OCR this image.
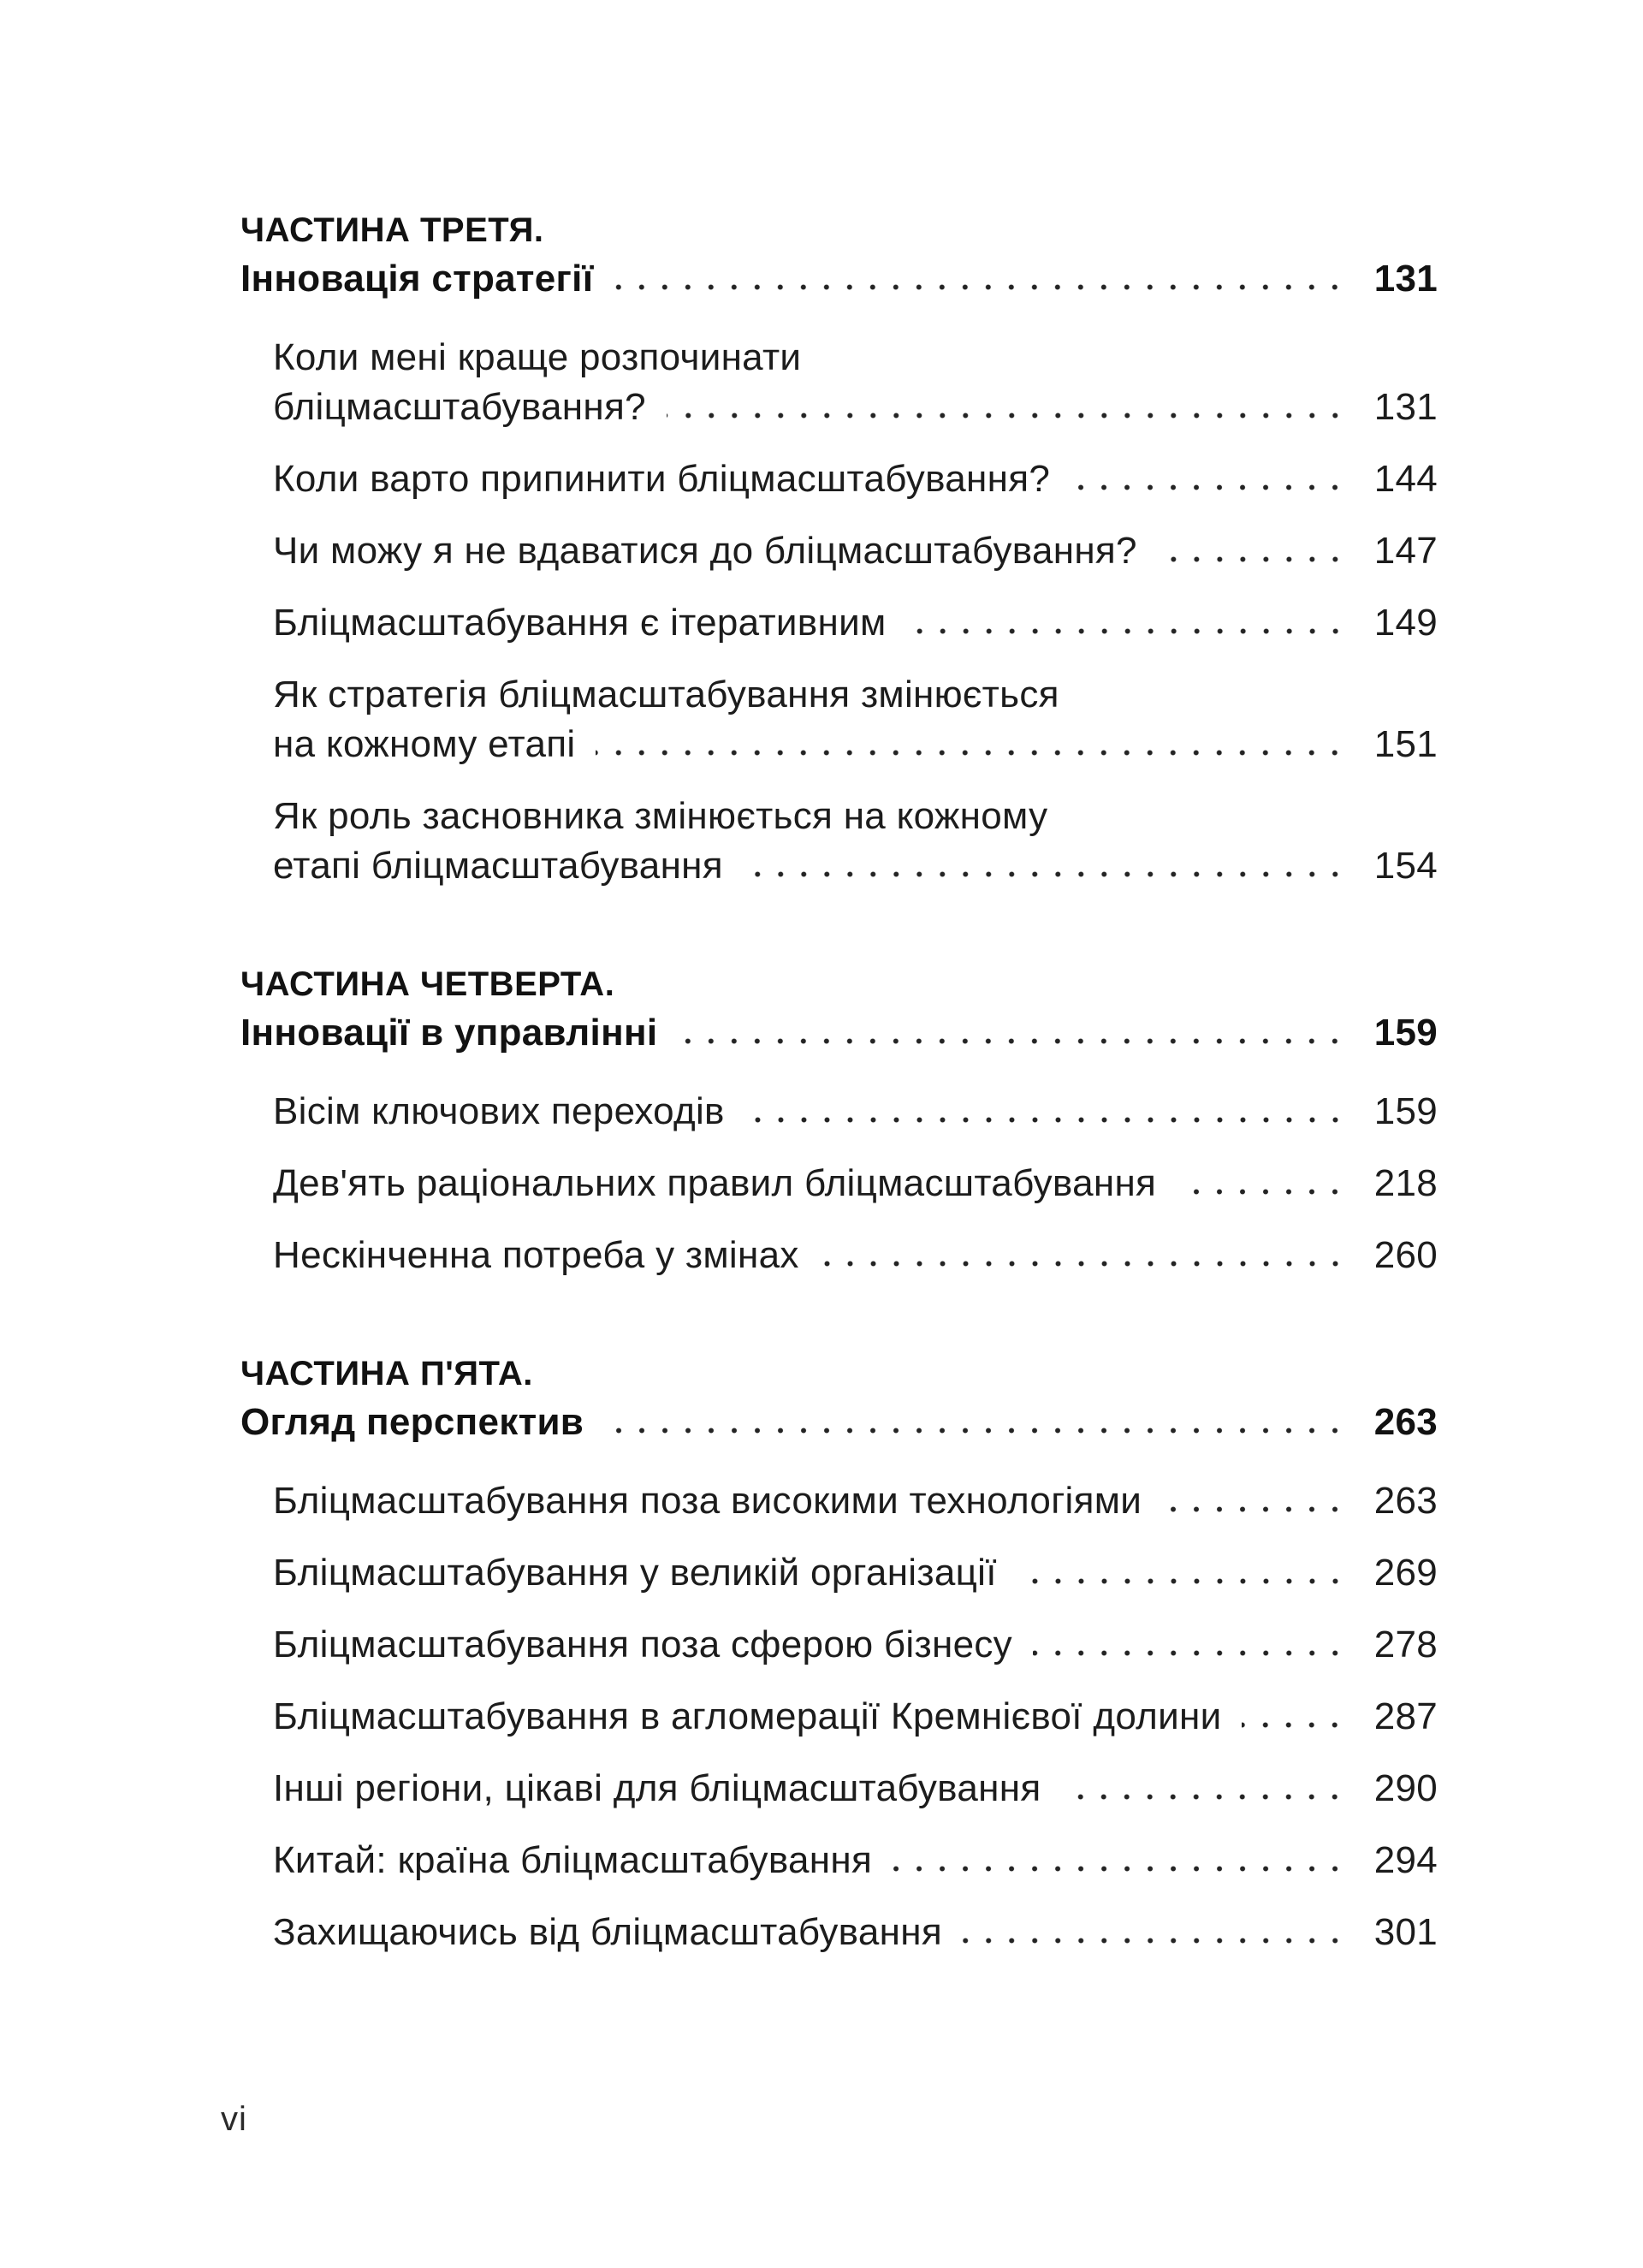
ЧАСТИНА ТРЕТЯ.
Інновація стратегії	131
Коли мені краще розпочинати
бліцмасштабування?	131
Коли варто припинити бліцмасштабування?	144
Чи можу я не вдаватися до бліцмасштабування?	147
Бліцмасштабування є ітеративним	149
Як стратегія бліцмасштабування змінюється
на кожному етапі	151
Як роль засновника змінюється на кожному
етапі бліцмасштабування	154
ЧАСТИНА ЧЕТВЕРТА.
Інновації в управлінні	159
Вісім ключових переходів	159
Дев'ять раціональних правил бліцмасштабування	218
Нескінченна потреба у змінах	260
ЧАСТИНА П'ЯТА.
Огляд перспектив	263
Бліцмасштабування поза високими технологіями	263
Бліцмасштабування у великій організації	269
Бліцмасштабування поза сферою бізнесу	278
Бліцмасштабування в агломерації Кремнієвої долини	287
Інші регіони, цікаві для бліцмасштабування	290
Китай: країна бліцмасштабування	294
Захищаючись від бліцмасштабування	301
vi
